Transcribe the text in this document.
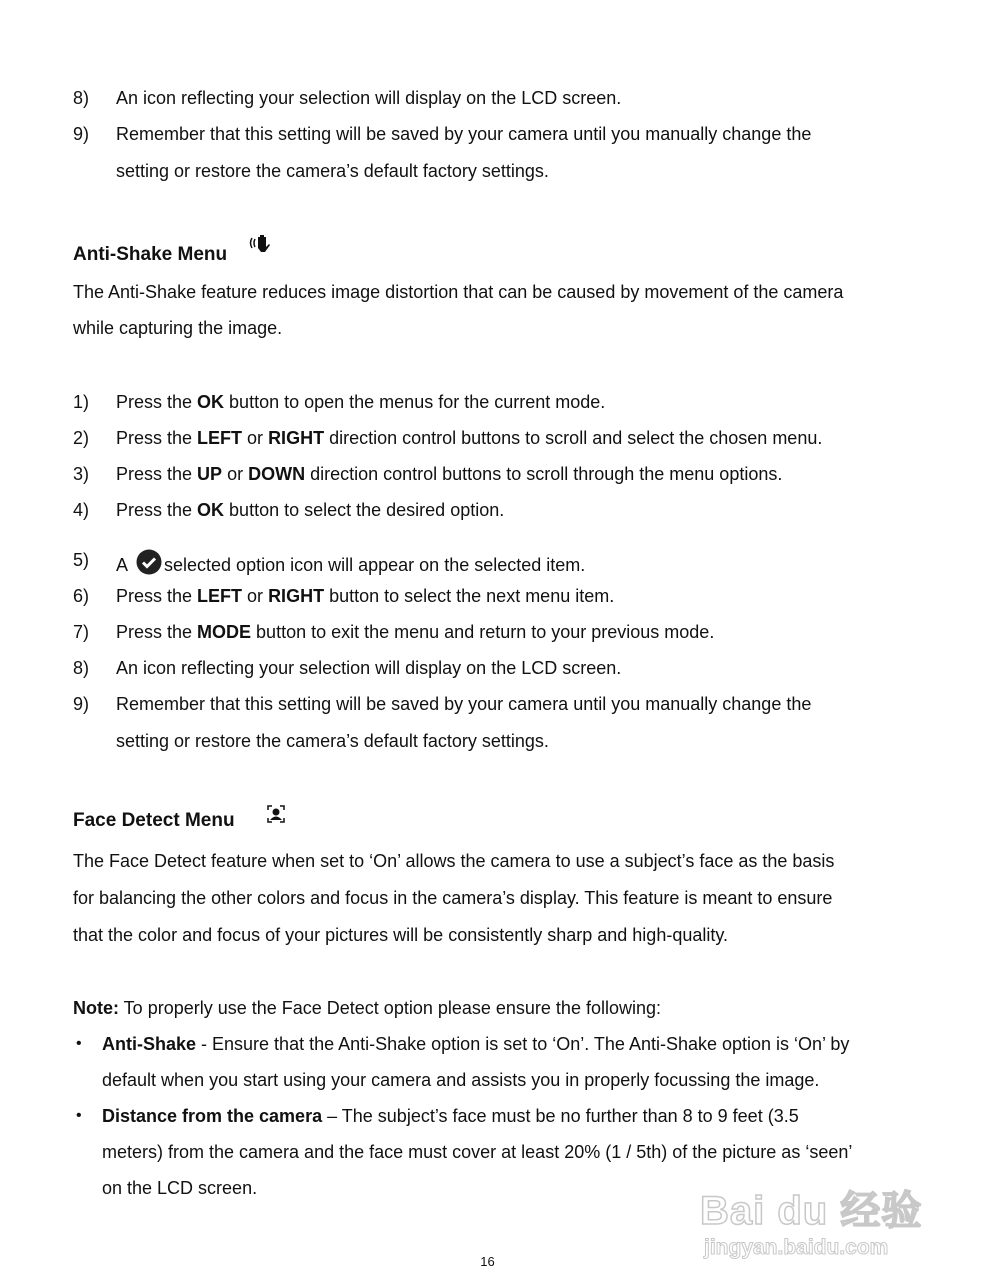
8) An icon reflecting your selection will display on the LCD screen.
9) Remember that this setting will be saved by your camera until you manually change the
setting or restore the camera’s default factory settings.
Anti-Shake Menu
The Anti-Shake feature reduces image distortion that can be caused by movement of the camera
while capturing the image.
1) Press the OK button to open the menus for the current mode.
2) Press the LEFT or RIGHT direction control buttons to scroll and select the chosen menu.
3) Press the UP or DOWN direction control buttons to scroll through the menu options.
4) Press the OK button to select the desired option.
5) A selected option icon will appear on the selected item.
6) Press the LEFT or RIGHT button to select the next menu item.
7) Press the MODE button to exit the menu and return to your previous mode.
8) An icon reflecting your selection will display on the LCD screen.
9) Remember that this setting will be saved by your camera until you manually change the
setting or restore the camera’s default factory settings.
Face Detect Menu
The Face Detect feature when set to ‘On’ allows the camera to use a subject’s face as the basis
for balancing the other colors and focus in the camera’s display. This feature is meant to ensure
that the color and focus of your pictures will be consistently sharp and high-quality.
Note: To properly use the Face Detect option please ensure the following:
• Anti-Shake - Ensure that the Anti-Shake option is set to ‘On’. The Anti-Shake option is ‘On’ by
default when you start using your camera and assists you in properly focussing the image.
• Distance from the camera – The subject’s face must be no further than 8 to 9 feet (3.5
meters) from the camera and the face must cover at least 20% (1 / 5th) of the picture as ‘seen’
on the LCD screen.
16
Bai du 经验
jingyan.baidu.com
